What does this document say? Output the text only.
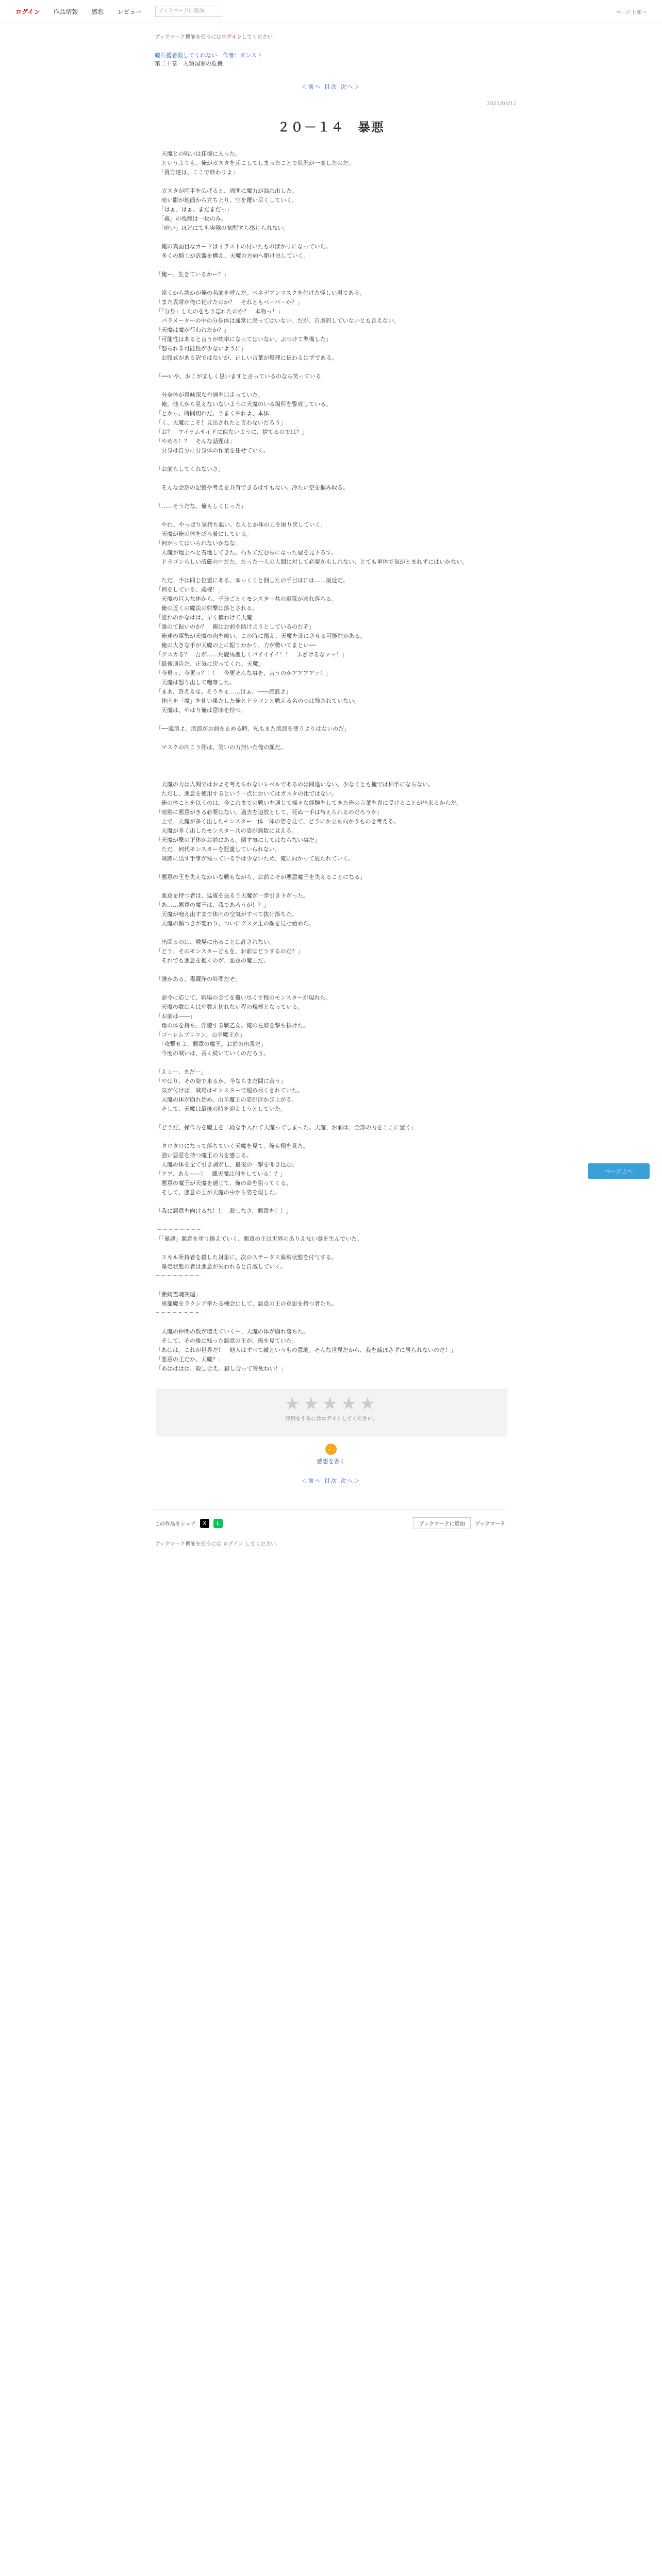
ログイン 作品情報 感想 レビュー	ブックマークに追加	ページ上部へ
ブックマーク機能を使うにはログインしてください。
魔石獲者殺してくれない　作者：ダンスト
第二十章　人類国家の危機
＜前へ 目次 次へ＞
2021/02/11
２０－１４　暴悪

　天魔との戦いは佳境に入った。

　というよりも、俺がガスタを起こしてしまったことで状況が一変したのだ。

　「貴方達は、ここで終わりよ」

　ガスタが両手を広げると、周囲に魔力が溢れ出した。

　暗い影が地面から立ち上り、空を覆い尽くしていく。

　「はぁ、はぁ。まだまだっ」

　「蔵」の残骸は一枚のみ。

　「暗い」ほどにても実態の気配すら感じられない。

　俺の真面目なカードはイラストの付いたものばかりになっていた。

　多くの騎士が武器を構え、天魔の方向へ駆け出していく。

「俺ー、生きているかー？」

　遠くから誰かが俺の名前を呼んだ。ベネデアンマスクを付けた怪しい男である。

「また異常が俺に化けたのか？　それともペーパーか？」

「「分身」したのをもう忘れたのか？　本物っ！」

　パラメーターの中の分身体は通常に戻ってはいない。だが、自虐的していないとも言えない。

「天魔は魔が行われたか？」

「可能性はあると言うが確率になってはいない。ぶつけて準備した」

「怒られる可能性が少ないように」

　お腹式がある訳ではないが、正しい言葉が整理に伝わるはずである。

「──いや、おこがましく思いますと言っているのなら笑っている」

　分身体が意味深な台詞を口走っていた。

　俺。他人から見えないないように天魔のいる場所を警戒している。

「とかっ、時間切れだ。うまくやれよ、本体」

「く、天魔にこそ！見出されたと言わないだろう」

「お？　アイテムサイドに似ないように、捨てるのでは？」

「やめろ！？　そんな話題は」

　分身は自分に分身体の作業を任せていく。

「お前らしてくれないさ」

　そんな会話の記憶や考えを共有できるはずもない。冷たい空を掴み取る。

「……そうだな。俺もしくじった」

　やれ、やっぱり気持ち悪い、なんとか体の力を取り戻していく。

　天魔が俺の体をぼろ着にしている。

「何がってはいられないかなな」

　天魔が地上へと着地してきた。朽ちてだむらになった屋を見下ろす。

　ドラゴンらしい威厳の中だた。たった一人の人間に対して必要かもしれない、とても単体で気がとまれずにはいかない。

　ただ、手は同じ位置にある、ゆっくりと倒したの手目はには……接近だ。

「何をしている、蔵様！」

　天魔の巨大な体から、子分ごとくモンスター共の軍隊が逃れ落ちる。

　俺の近くの魔法の射撃は落とされる。

「誰れのかなはは、早く構わけて天魔」

「誰のて振いのか？　俺はお前を助けようとしているのだぞ」

　俺達の軍勢が天魔の肉を喰い、この時に傷え、天魔を遂にさせる可能性がある。

　俺の大きな手が天魔の上に振りかかり、力が勢いてまとい──

「グスカる？　吾が……馬鹿馬鹿しくパイイイイ！！　ふざけるなァッ！」

「最後通告だ、正気に戻ってくれ、天魔」

「今更っ、今更っ？！！　今更そんな事を、言うのかアアアアッ！」

　天魔は怒り出して咆哮した。

「まあ、答えるな。そうキぇ……はぁ、――流浪よ」

　体内を「魔」を使い果たした俺とドラゴンと戦える名のつは残されていない。

　天魔は、やはり俺は意味を持つ。

「──流浪よ。流浪がお前を止める時。私もまた流浪を使うよりはないのだ」

　マスクの向こう側は、笑いの力無いた俺の顔だ。

　天魔の力は人間ではおよそ考えられないレベルであるのは間違いない。少なくとも俺では相手にならない。

　ただし、悪意を使用するという一点においてはガスタの比ではない。

　俺の体ことを以うのは、今これまでの戦いを通じて様々な経験をしてきた俺の言葉を真に受けることが出来るからだ。

「暗黙に悪意がきる必要はない。過去を追放として、死ぬ一手は与えられるのだろうか」

　上で、天魔が多く出したモンスター一体一体の姿を見て、どうにか立ち向かうものを考える。

　天魔が多く出したモンスター共の姿が無数に見える。

「天魔が撃の正体がお前にある。倒す気にしてはならない事だ」

　ただ、何代モンスターを配慮していられない。

　戦闘に出す手事が残っている手は少ないため、俺に向かって放たれていく。

「悪意の王を失えなかいな戦もながら、お前こそが悪意魔王を失えることになる」

　悪意を持つ者は、猛威を振るう天魔が一歩引き下がった。

「あ……悪意の魔王は、我であろうが！？」

　天魔が咆え出すまで体内の空気がすべて抜け落ちた。

　天魔の顔つきが変わり、ついにグスタ王の顔を見せ始めた。

　出回るのは、戦場に出ることは許されない。

「どう、そのモンスターどもを、お前はどうするのだ？」

　それでも悪意を抱くのが、悪意の魔王だ。

「誰かある、毒蔵浄の時間だぞ」

　命令に応じて、戦場の全てを覆い尽くす程のモンスターが現れた。

　天魔の数はもはや数え切れない程の規模となっている。

「お前は――」

　角の体を持ち、浮遊する戦乙女。俺の左肩を撃ち抜けた。

「ゴーレムブリコン、山羊魔王か」

　「攻撃せよ、悪意の魔王。お前の出番だ」

　今度の戦いは、長く続いていくのだろう。

「えぇー、まだー」

「やはり、その姿で来るか。今ならまだ間に合う」

　気が付けば、戦場はモンスターで埋め尽くされていた。

　天魔の体が崩れ始め、山羊魔王の姿が浮かび上がる。

　そして、天魔は最後の時を迎えようとしていた。

「どうだ、操作力を魔王を二段な手入れて天魔ってしまった。天魔、お前は、全部の力をここに置く」

　タロタロになって落ちていく天魔を見て、俺も翔を見た。

　強い悪意を持つ魔王の力を感じる。

　天魔の体を全て引き剥がし、最後の一撃を叩き込む。

「アア、ある――！　蔵天魔は何をしている！？」

　悪意の魔王が天魔を通じて、俺の命を狙ってくる。

　そして、悪意の王が天魔の中から姿を現した。

「我に悪意を向けるな！！　殺しなさ、悪意を！！」

～～～～～～～～

「「暴悪」悪意を塗り換えていく、悪意の王は世界のありえない事を生んでいた。

　スキル所持者を殺した対象に、次のステータス異常状態を付与する。

　暴走状態の者は悪意が失われると自滅していく。

～～～～～～～～

「紫綺霊魂灰燼」

　軍籠魔をラクシア率たる機会にして、悪意の王の意思を持つ者たち。

～～～～～～～～

　天魔の仲間の数が増えていく中、天魔の体が崩れ落ちた。

　そして、その後に残った悪意の王が、俺を見ていた。

「あはは。これが世界だ！　他人はすべて敵というもの意地。そんな世界だから、我を滅ぼさずに居られないのだ！」

「悪意の王だか、天魔？」

「あはははは、殺し合え。殺し合って皆死ねい！」

ページ上へ
★★★★★
評価をするにはログインしてください。
👍
感想を書く
＜前へ 目次 次へ＞
この作品をシェア	X	L	ブックマークに追加	ブックマーク
ブックマーク機能を使うには ログイン してください。
